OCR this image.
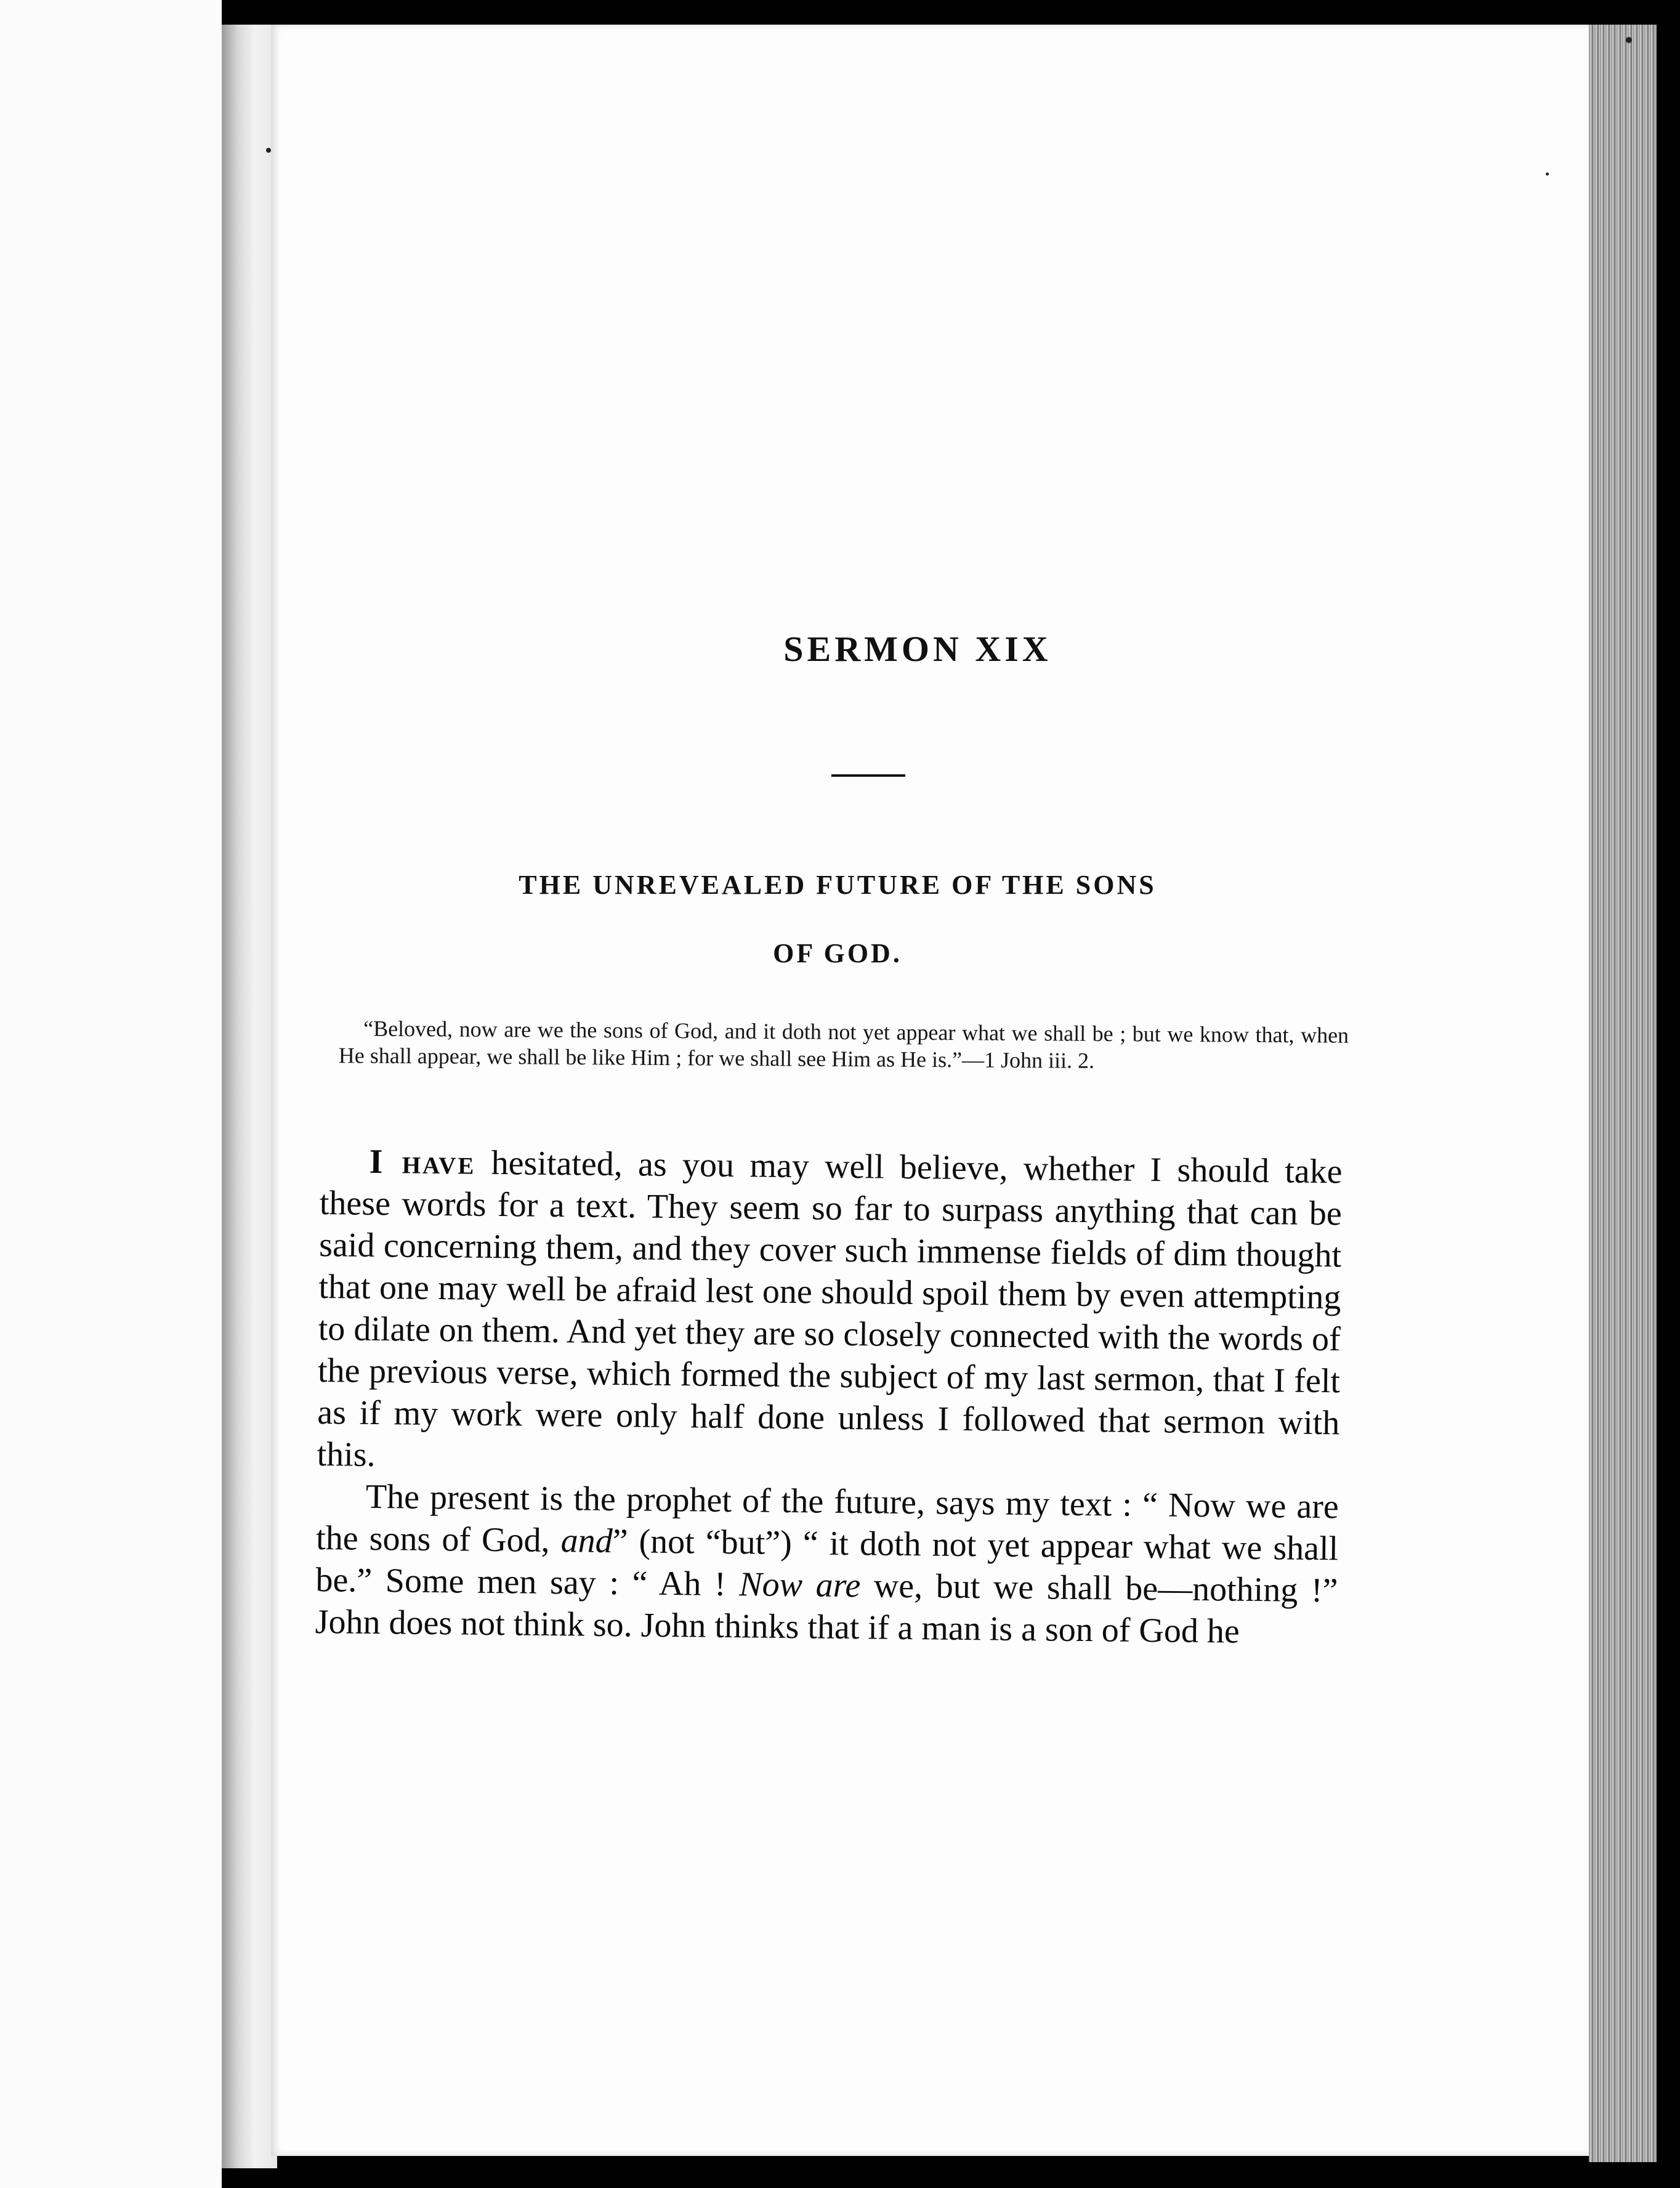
SERMON XIX
THE UNREVEALED FUTURE OF THE SONS
OF GOD.
“Beloved, now are we the sons of God, and it doth not yet appear what we shall be ; but we know that, when He shall appear, we shall be like Him ; for we shall see Him as He is.”—1 John iii. 2.

I have hesitated, as you may well believe, whether I should take these words for a text. They seem so far to surpass anything that can be said concerning them, and they cover such immense fields of dim thought that one may well be afraid lest one should spoil them by even attempting to dilate on them. And yet they are so closely connected with the words of the previous verse, which formed the subject of my last sermon, that I felt as if my work were only half done unless I followed that sermon with this.

The present is the prophet of the future, says my text : “ Now we are the sons of God, and” (not “but”) “ it doth not yet appear what we shall be.” Some men say : “ Ah ! Now are we, but we shall be—nothing !” John does not think so. John thinks that if a man is a son of God he
